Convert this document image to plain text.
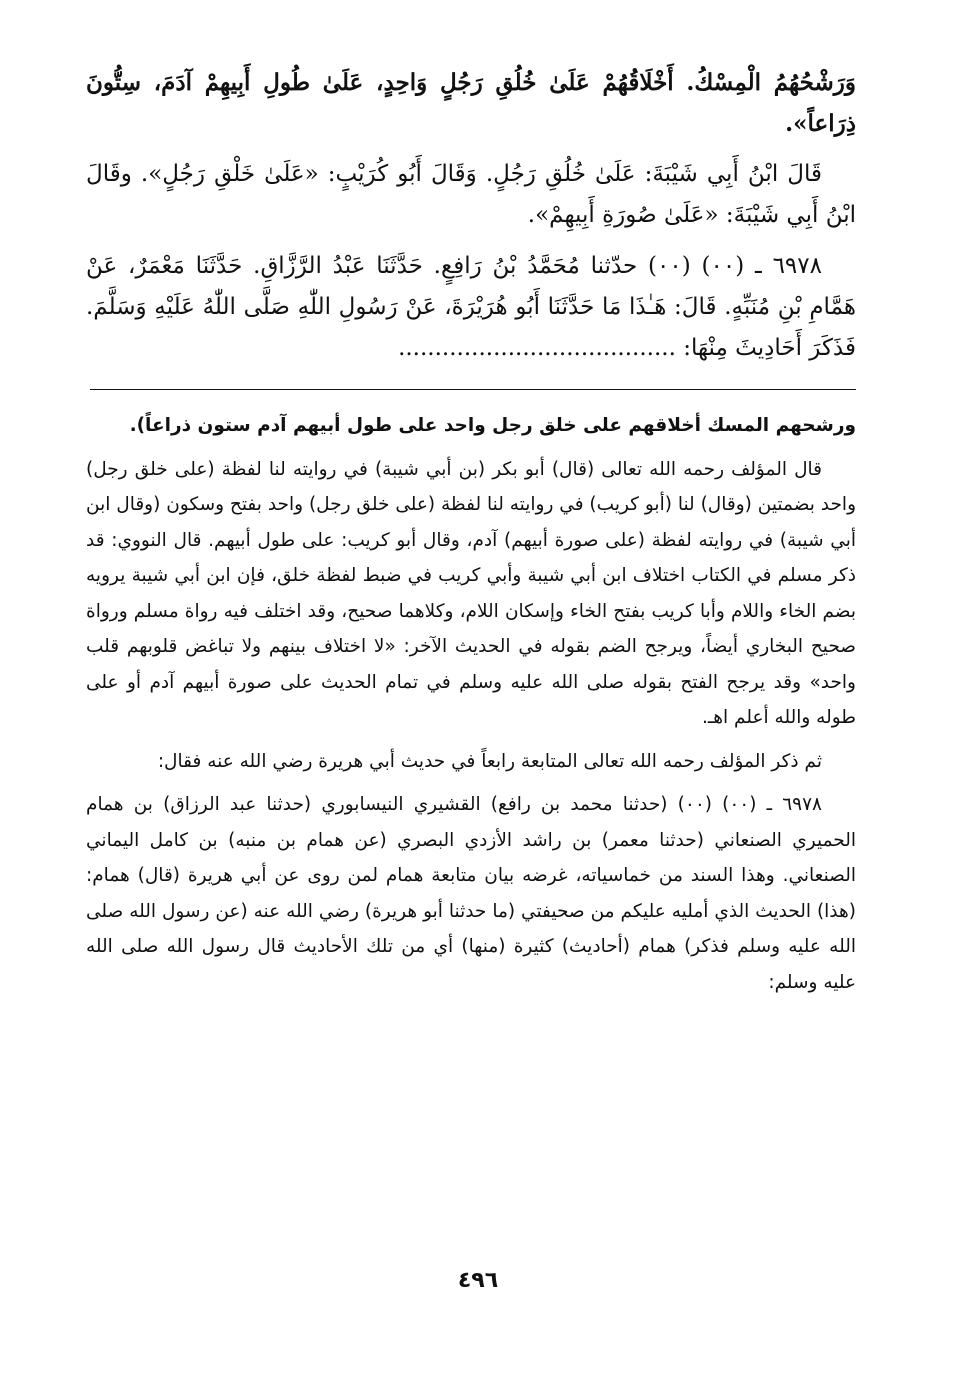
وَرَشْحُهُمُ الْمِسْكُ. أَخْلَاقُهُمْ عَلَىٰ خُلُقِ رَجُلٍ وَاحِدٍ، عَلَىٰ طُولِ أَبِيهِمْ آدَمَ، سِتُّونَ ذِرَاعاً».

قَالَ ابْنُ أَبِي شَيْبَةَ: عَلَىٰ خُلُقِ رَجُلٍ. وَقَالَ أَبُو كُرَيْبٍ: «عَلَىٰ خَلْقِ رَجُلٍ». وقَالَ ابْنُ أَبِي شَيْبَةَ: «عَلَىٰ صُورَةِ أَبِيهِمْ».

٦٩٧٨ ـ (٠٠) (٠٠) حدّثنا مُحَمَّدُ بْنُ رَافِعٍ. حَدَّثَنَا عَبْدُ الرَّزَّاقِ. حَدَّثَنَا مَعْمَرٌ، عَنْ هَمَّامِ بْنِ مُنَبِّهٍ. قَالَ: هَـٰذَا مَا حَدَّثَنَا أَبُو هُرَيْرَةَ، عَنْ رَسُولِ اللّٰهِ صَلَّى اللّٰهُ عَلَيْهِ وَسَلَّمَ. فَذَكَرَ أَحَادِيثَ مِنْهَا: ......................................

ورشحهم المسك أخلاقهم على خلق رجل واحد على طول أبيهم آدم ستون ذراعاً).

قال المؤلف رحمه الله تعالى (قال) أبو بكر (بن أبي شيبة) في روايته لنا لفظة (على خلق رجل) واحد بضمتين (وقال) لنا (أبو كريب) في روايته لنا لفظة (على خلق رجل) واحد بفتح وسكون (وقال ابن أبي شيبة) في روايته لفظة (على صورة أبيهم) آدم، وقال أبو كريب: على طول أبيهم. قال النووي: قد ذكر مسلم في الكتاب اختلاف ابن أبي شيبة وأبي كريب في ضبط لفظة خلق، فإن ابن أبي شيبة يرويه بضم الخاء واللام وأبا كريب بفتح الخاء وإسكان اللام، وكلاهما صحيح، وقد اختلف فيه رواة مسلم ورواة صحيح البخاري أيضاً، ويرجح الضم بقوله في الحديث الآخر: «لا اختلاف بينهم ولا تباغض قلوبهم قلب واحد» وقد يرجح الفتح بقوله صلى الله عليه وسلم في تمام الحديث على صورة أبيهم آدم أو على طوله والله أعلم اهـ.

ثم ذكر المؤلف رحمه الله تعالى المتابعة رابعاً في حديث أبي هريرة رضي الله عنه فقال:

٦٩٧٨ ـ (٠٠) (٠٠) (حدثنا محمد بن رافع) القشيري النيسابوري (حدثنا عبد الرزاق) بن همام الحميري الصنعاني (حدثنا معمر) بن راشد الأزدي البصري (عن همام بن منبه) بن كامل اليماني الصنعاني. وهذا السند من خماسياته، غرضه بيان متابعة همام لمن روى عن أبي هريرة (قال) همام: (هذا) الحديث الذي أمليه عليكم من صحيفتي (ما حدثنا أبو هريرة) رضي الله عنه (عن رسول الله صلى الله عليه وسلم فذكر) همام (أحاديث) كثيرة (منها) أي من تلك الأحاديث قال رسول الله صلى الله عليه وسلم:

٤٩٦
